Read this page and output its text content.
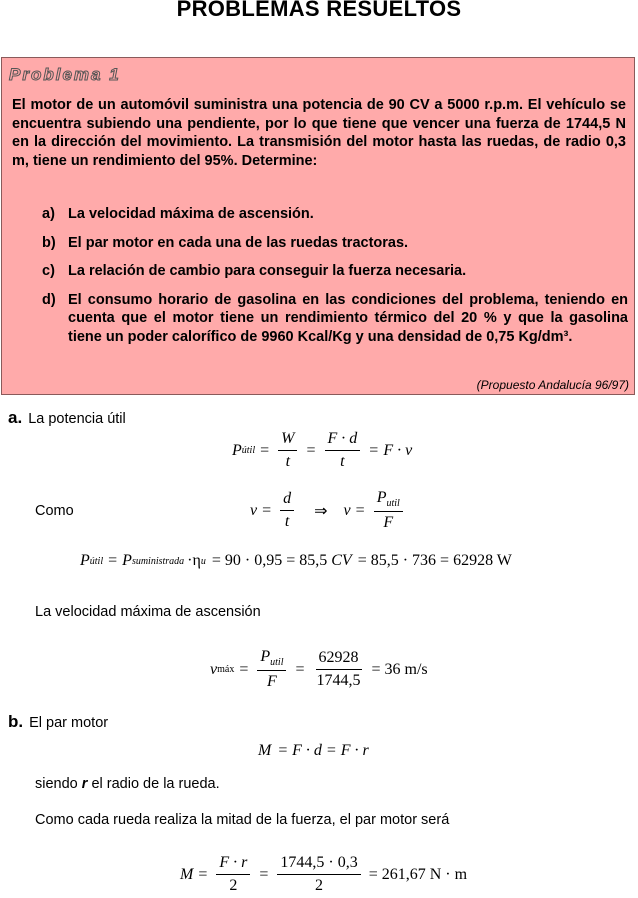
PROBLEMAS RESUELTOS
Problema 1

El motor de un automóvil suministra una potencia de 90 CV a 5000 r.p.m. El vehículo se encuentra subiendo una pendiente, por lo que tiene que vencer una fuerza de 1744,5 N en la dirección del movimiento. La transmisión del motor hasta las ruedas, de radio 0,3 m, tiene un rendimiento del 95%. Determine:

a) La velocidad máxima de ascensión.
b) El par motor en cada una de las ruedas tractoras.
c) La relación de cambio para conseguir la fuerza necesaria.
d) El consumo horario de gasolina en las condiciones del problema, teniendo en cuenta que el motor tiene un rendimiento térmico del 20 % y que la gasolina tiene un poder calorífico de 9960 Kcal/Kg y una densidad de 0,75 Kg/dm³.
(Propuesto Andalucía 96/97)
a. La potencia útil
P útil = $\frac{W}{t} = \frac{F \cdot d}{t} = F \cdot v$
Como	$v = \frac{d}{t}$ ⇒ $v = \frac{P_{util}}{F}$
P útil = P suministrada · η u = 90 · 0,95 = 85,5 CV = 85,5 · 736 = 62928 W
La velocidad máxima de ascensión
v máx = $\frac{P_{util}}{F} = \frac{62928}{1744,5} = 36$ m/s
b. El par motor
M = F · d = F · r
siendo r el radio de la rueda.
Como cada rueda realiza la mitad de la fuerza, el par motor será
$M = \frac{F \cdot r}{2} = \frac{1744,5 \cdot 0,3}{2} = 261,67$ N · m
